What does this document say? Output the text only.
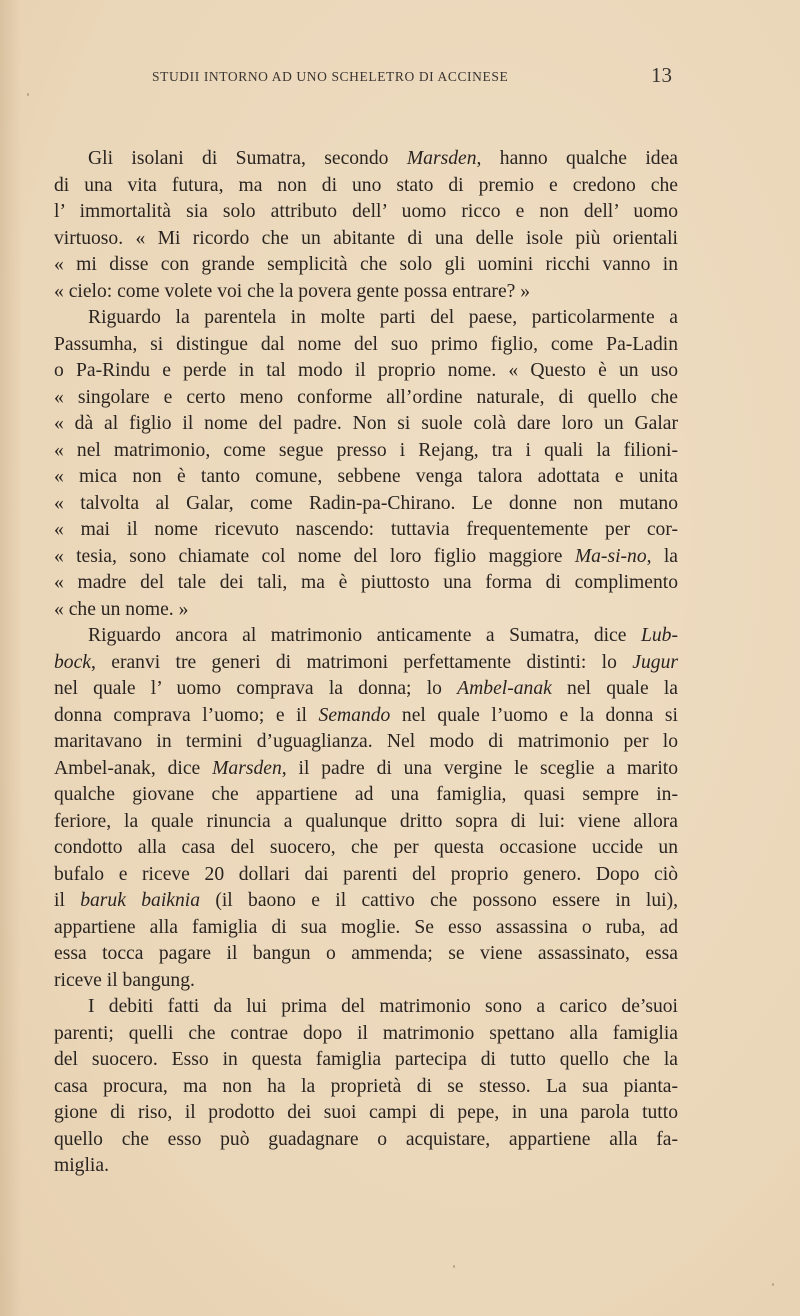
STUDII INTORNO AD UNO SCHELETRO DI ACCINESE	13
Gli isolani di Sumatra, secondo Marsden, hanno qualche idea
di una vita futura, ma non di uno stato di premio e credono che
l’ immortalità sia solo attributo dell’ uomo ricco e non dell’ uomo
virtuoso. « Mi ricordo che un abitante di una delle isole più orientali
« mi disse con grande semplicità che solo gli uomini ricchi vanno in
« cielo: come volete voi che la povera gente possa entrare? »
Riguardo la parentela in molte parti del paese, particolarmente a
Passumha, si distingue dal nome del suo primo figlio, come Pa-Ladin
o Pa-Rindu e perde in tal modo il proprio nome. « Questo è un uso
« singolare e certo meno conforme all’ordine naturale, di quello che
« dà al figlio il nome del padre. Non si suole colà dare loro un Galar
« nel matrimonio, come segue presso i Rejang, tra i quali la filioni-
« mica non è tanto comune, sebbene venga talora adottata e unita
« talvolta al Galar, come Radin-pa-Chirano. Le donne non mutano
« mai il nome ricevuto nascendo: tuttavia frequentemente per cor-
« tesia, sono chiamate col nome del loro figlio maggiore Ma-si-no, la
« madre del tale dei tali, ma è piuttosto una forma di complimento
« che un nome. »
Riguardo ancora al matrimonio anticamente a Sumatra, dice Lub-
bock, eranvi tre generi di matrimoni perfettamente distinti: lo Jugur
nel quale l’ uomo comprava la donna; lo Ambel-anak nel quale la
donna comprava l’uomo; e il Semando nel quale l’uomo e la donna si
maritavano in termini d’uguaglianza. Nel modo di matrimonio per lo
Ambel-anak, dice Marsden, il padre di una vergine le sceglie a marito
qualche giovane che appartiene ad una famiglia, quasi sempre in-
feriore, la quale rinuncia a qualunque dritto sopra di lui: viene allora
condotto alla casa del suocero, che per questa occasione uccide un
bufalo e riceve 20 dollari dai parenti del proprio genero. Dopo ciò
il baruk baiknia (il baono e il cattivo che possono essere in lui),
appartiene alla famiglia di sua moglie. Se esso assassina o ruba, ad
essa tocca pagare il bangun o ammenda; se viene assassinato, essa
riceve il bangung.
I debiti fatti da lui prima del matrimonio sono a carico de’suoi
parenti; quelli che contrae dopo il matrimonio spettano alla famiglia
del suocero. Esso in questa famiglia partecipa di tutto quello che la
casa procura, ma non ha la proprietà di se stesso. La sua pianta-
gione di riso, il prodotto dei suoi campi di pepe, in una parola tutto
quello che esso può guadagnare o acquistare, appartiene alla fa-
miglia.
